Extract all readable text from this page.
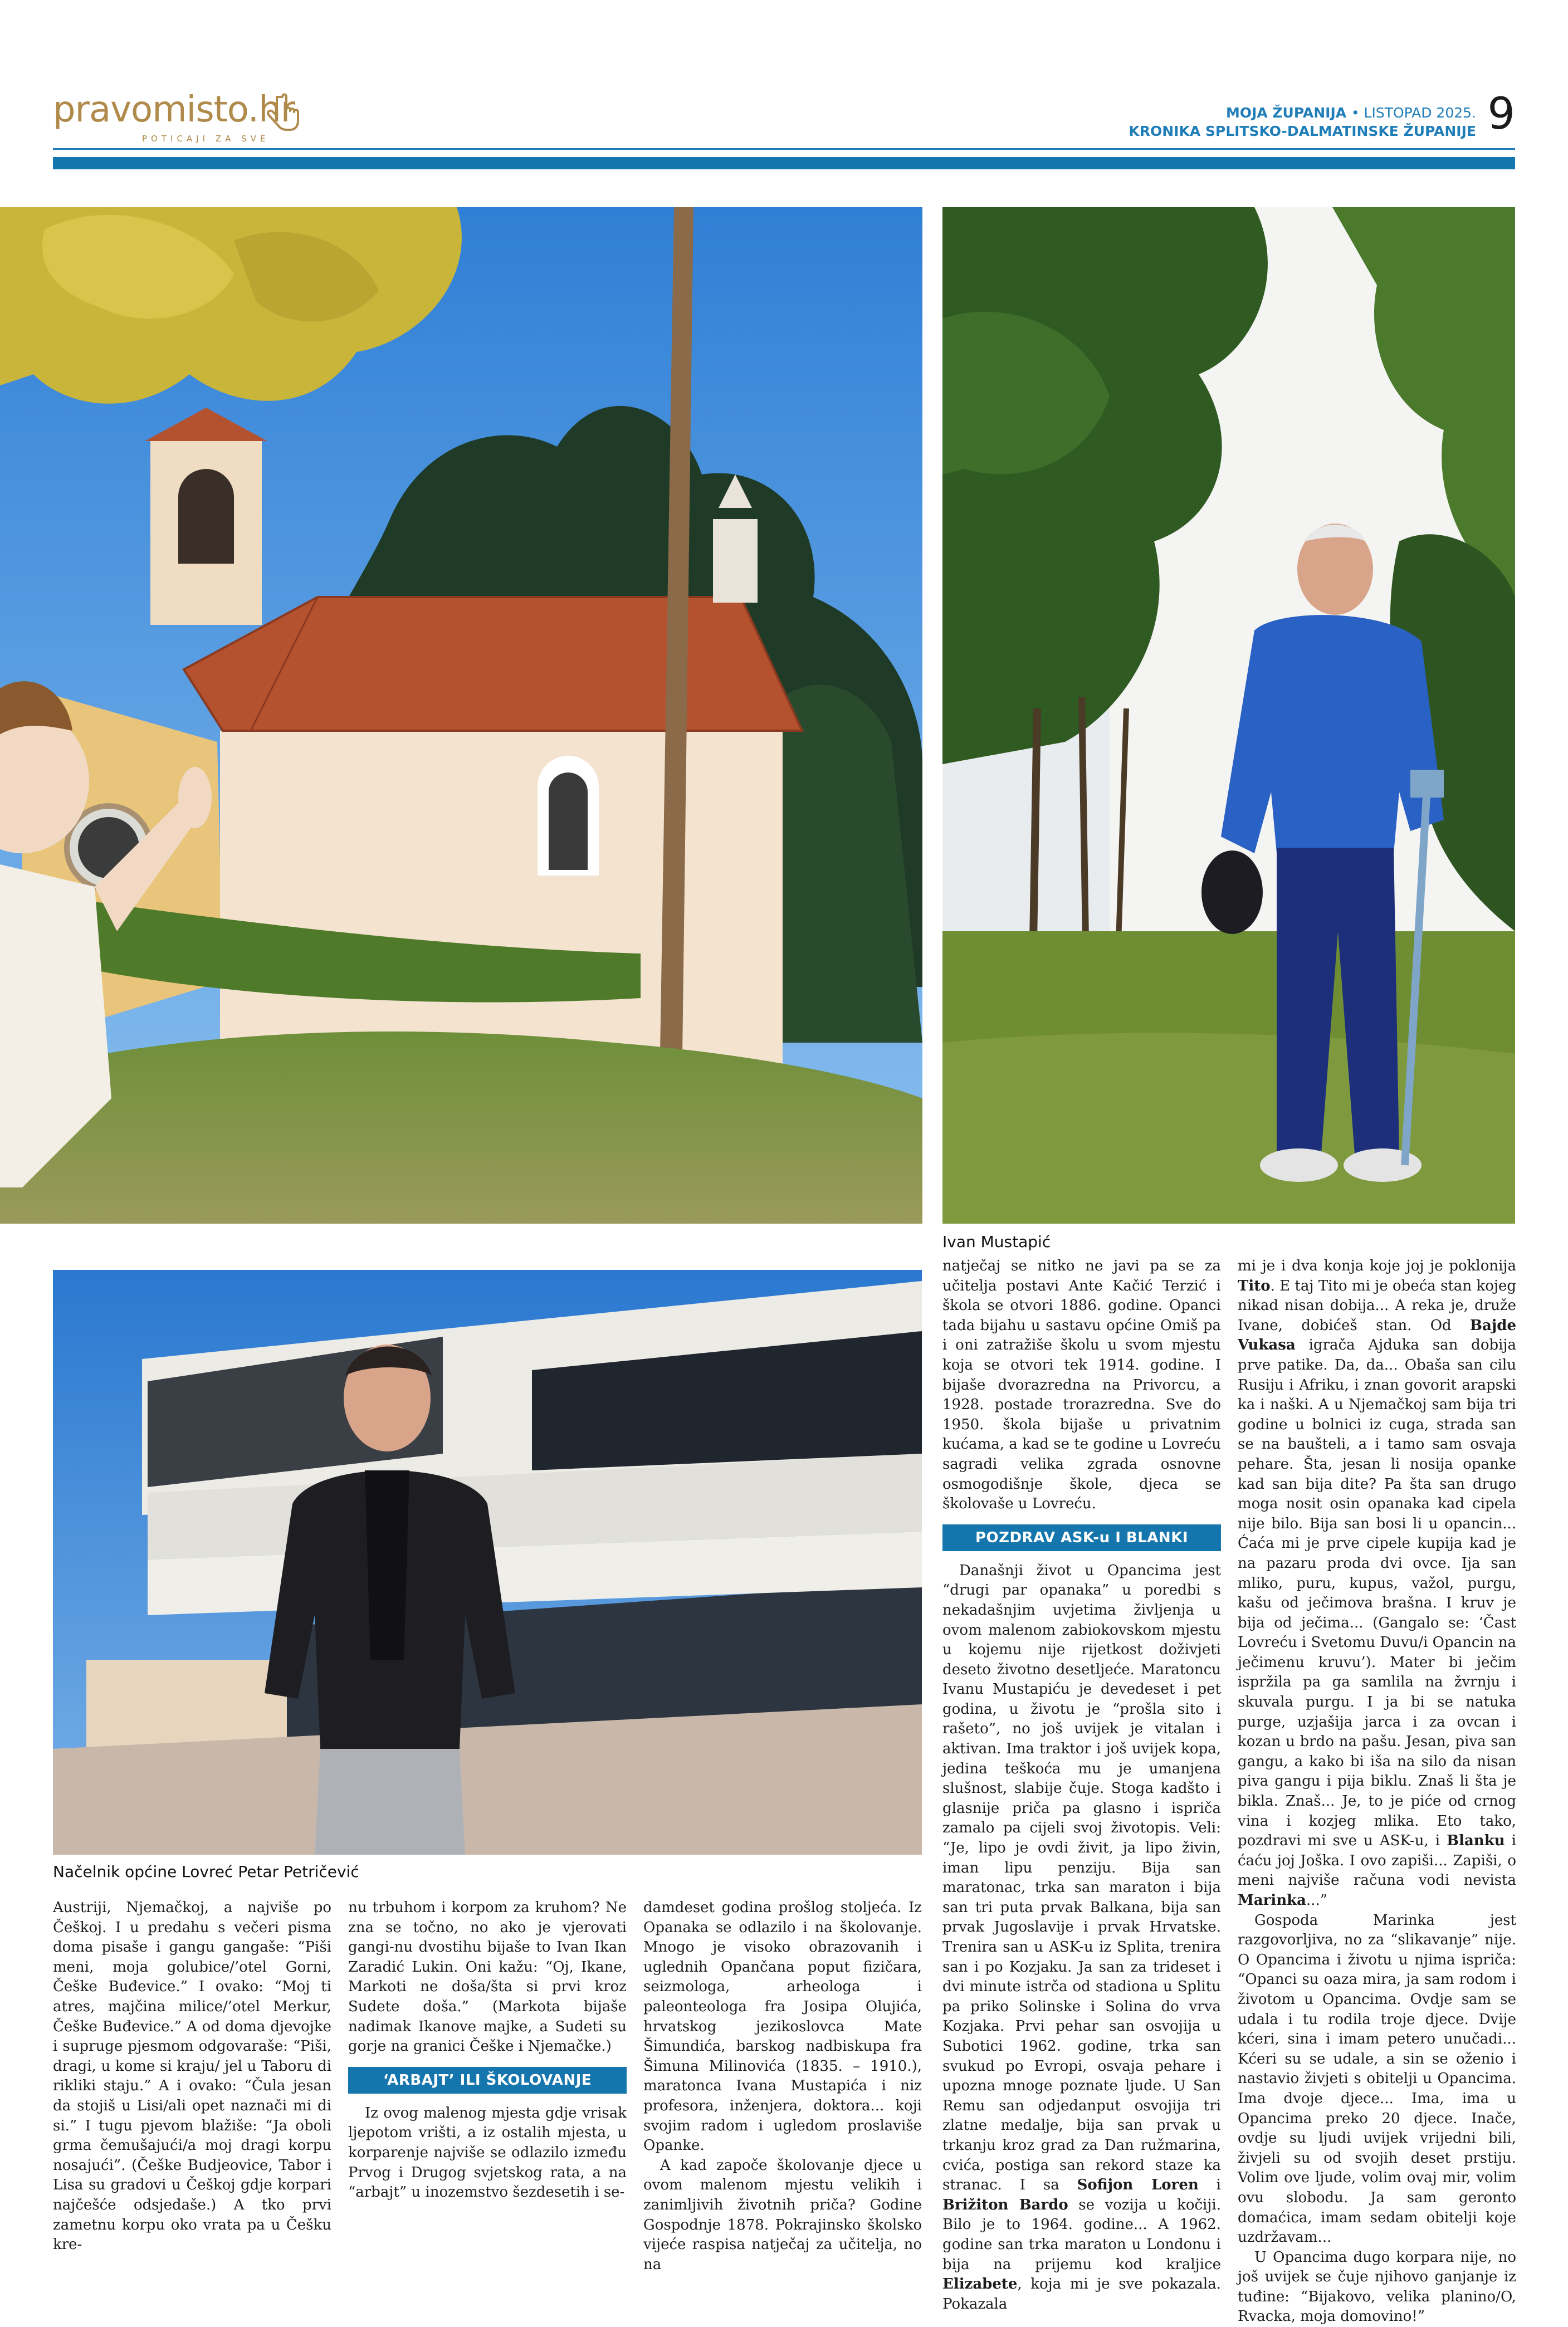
pravomisto.hr
POTICAJI ZA SVE
MOJA ŽUPANIJA • LISTOPAD 2025.
KRONIKA SPLITSKO-DALMATINSKE ŽUPANIJE 9
Ivan Mustapić
Načelnik općine Lovreć Petar Petričević

Austriji, Njemačkoj, a najviše po Češkoj. I u predahu s večeri pisma doma pisaše i gangu gangaše: “Piši meni, moja golubice/’otel Gorni, Češke Buđevice.” I ovako: “Moj ti atres, majčina milice/’otel Merkur, Češke Buđevice.” A od doma djevojke i supruge pjesmom odgovaraše: “Piši, dragi, u kome si kraju/ jel u Taboru di rikliki staju.” A i ovako: “Čula jesan da stojiš u Lisi/ali opet naznači mi di si.” I tugu pjevom blažiše: “Ja oboli grma čemušajući/a moj dragi korpu nosajući”. (Češke Budjeovice, Tabor i Lisa su gradovi u Češkoj gdje korpari najčešće odsjedaše.) A tko prvi zametnu korpu oko vrata pa u Češku kre-

nu trbuhom i korpom za kruhom? Ne zna se točno, no ako je vjerovati gangi-nu dvostihu bijaše to Ivan Ikan Zaradić Lukin. Oni kažu: “Oj, Ikane, Markoti ne doša/šta si prvi kroz Sudete doša.” (Markota bijaše nadimak Ikanove majke, a Sudeti su gorje na granici Češke i Njemačke.)

‘ARBAJT’ ILI ŠKOLOVANJE

Iz ovog malenog mjesta gdje vrisak ljepotom vrišti, a iz ostalih mjesta, u korparenje najviše se odlazilo između Prvog i Drugog svjetskog rata, a na “arbajt” u inozemstvo šezdesetih i se-

damdeset godina prošlog stoljeća. Iz Opanaka se odlazilo i na školovanje. Mnogo je visoko obrazovanih i uglednih Opančana poput fizičara, seizmologa, arheologa i paleonteologa fra Josipa Olujića, hrvatskog jezikoslovca Mate Šimundića, barskog nadbiskupa fra Šimuna Milinovića (1835. – 1910.), maratonca Ivana Mustapića i niz profesora, inženjera, doktora... koji svojim radom i ugledom proslaviše Opanke.

A kad započe školovanje djece u ovom malenom mjestu velikih i zanimljivih životnih priča? Godine Gospodnje 1878. Pokrajinsko školsko vijeće raspisa natječaj za učitelja, no na

natječaj se nitko ne javi pa se za učitelja postavi Ante Kačić Terzić i škola se otvori 1886. godine. Opanci tada bijahu u sastavu općine Omiš pa i oni zatražiše školu u svom mjestu koja se otvori tek 1914. godine. I bijaše dvorazredna na Privorcu, a 1928. postade trorazredna. Sve do 1950. škola bijaše u privatnim kućama, a kad se te godine u Lovreću sagradi velika zgrada osnovne osmogodišnje škole, djeca se školovaše u Lovreću.

POZDRAV ASK-u I BLANKI

Današnji život u Opancima jest “drugi par opanaka” u poredbi s nekadašnjim uvjetima življenja u ovom malenom zabiokovskom mjestu u kojemu nije rijetkost doživjeti deseto životno desetljeće. Maratoncu Ivanu Mustapiću je devedeset i pet godina, u životu je “prošla sito i rašeto”, no još uvijek je vitalan i aktivan. Ima traktor i još uvijek kopa, jedina teškoća mu je umanjena slušnost, slabije čuje. Stoga kadšto i glasnije priča pa glasno i ispriča zamalo pa cijeli svoj životopis. Veli: “Je, lipo je ovdi živit, ja lipo živin, iman lipu penziju. Bija san maratonac, trka san maraton i bija san tri puta prvak Balkana, bija san prvak Jugoslavije i prvak Hrvatske. Trenira san u ASK-u iz Splita, trenira san i po Kozjaku. Ja san za trideset i dvi minute istrča od stadiona u Splitu pa priko Solinske i Solina do vrva Kozjaka. Prvi pehar san osvojija u Subotici 1962. godine, trka san svukud po Evropi, osvaja pehare i upozna mnoge poznate ljude. U San Remu san odjedanput osvojija tri zlatne medalje, bija san prvak u trkanju kroz grad za Dan ružmarina, cvića, postiga san rekord staze ka stranac. I sa Sofijon Loren i Brižiton Bardo se vozija u kočiji. Bilo je to 1964. godine... A 1962. godine san trka maraton u Londonu i bija na prijemu kod kraljice Elizabete, koja mi je sve pokazala. Pokazala

mi je i dva konja koje joj je poklonija Tito. E taj Tito mi je obeća stan kojeg nikad nisan dobija... A reka je, druže Ivane, dobićeš stan. Od Bajde Vukasa igrača Ajduka san dobija prve patike. Da, da... Obaša san cilu Rusiju i Afriku, i znan govorit arapski ka i naški. A u Njemačkoj sam bija tri godine u bolnici iz cuga, strada san se na baušteli, a i tamo sam osvaja pehare. Šta, jesan li nosija opanke kad san bija dite? Pa šta san drugo moga nosit osin opanaka kad cipela nije bilo. Bija san bosi li u opancin... Ćaća mi je prve cipele kupija kad je na pazaru proda dvi ovce. Ija san mliko, puru, kupus, važol, purgu, kašu od ječimova brašna. I kruv je bija od ječima... (Gangalo se: ‘Čast Lovreću i Svetomu Duvu/i Opancin na ječimenu kruvu’). Mater bi ječim ispržila pa ga samlila na žvrnju i skuvala purgu. I ja bi se natuka purge, uzjašija jarca i za ovcan i kozan u brdo na pašu. Jesan, piva san gangu, a kako bi iša na silo da nisan piva gangu i pija biklu. Znaš li šta je bikla. Znaš... Je, to je piće od crnog vina i kozjeg mlika. Eto tako, pozdravi mi sve u ASK-u, i Blanku i ćaću joj Joška. I ovo zapiši... Zapiši, o meni najviše računa vodi nevista Marinka...”

Gospoda Marinka jest razgovorljiva, no za “slikavanje” nije. O Opancima i životu u njima ispriča: “Opanci su oaza mira, ja sam rodom i životom u Opancima. Ovdje sam se udala i tu rodila troje djece. Dvije kćeri, sina i imam petero unučadi... Kćeri su se udale, a sin se oženio i nastavio živjeti s obitelji u Opancima. Ima dvoje djece... Ima, ima u Opancima preko 20 djece. Inače, ovdje su ljudi uvijek vrijedni bili, živjeli su od svojih deset prstiju. Volim ove ljude, volim ovaj mir, volim ovu slobodu. Ja sam geronto domaćica, imam sedam obitelji koje uzdržavam...

U Opancima dugo korpara nije, no još uvijek se čuje njihovo ganjanje iz tuđine: “Bijakovo, velika planino/O, Rvacka, moja domovino!”
